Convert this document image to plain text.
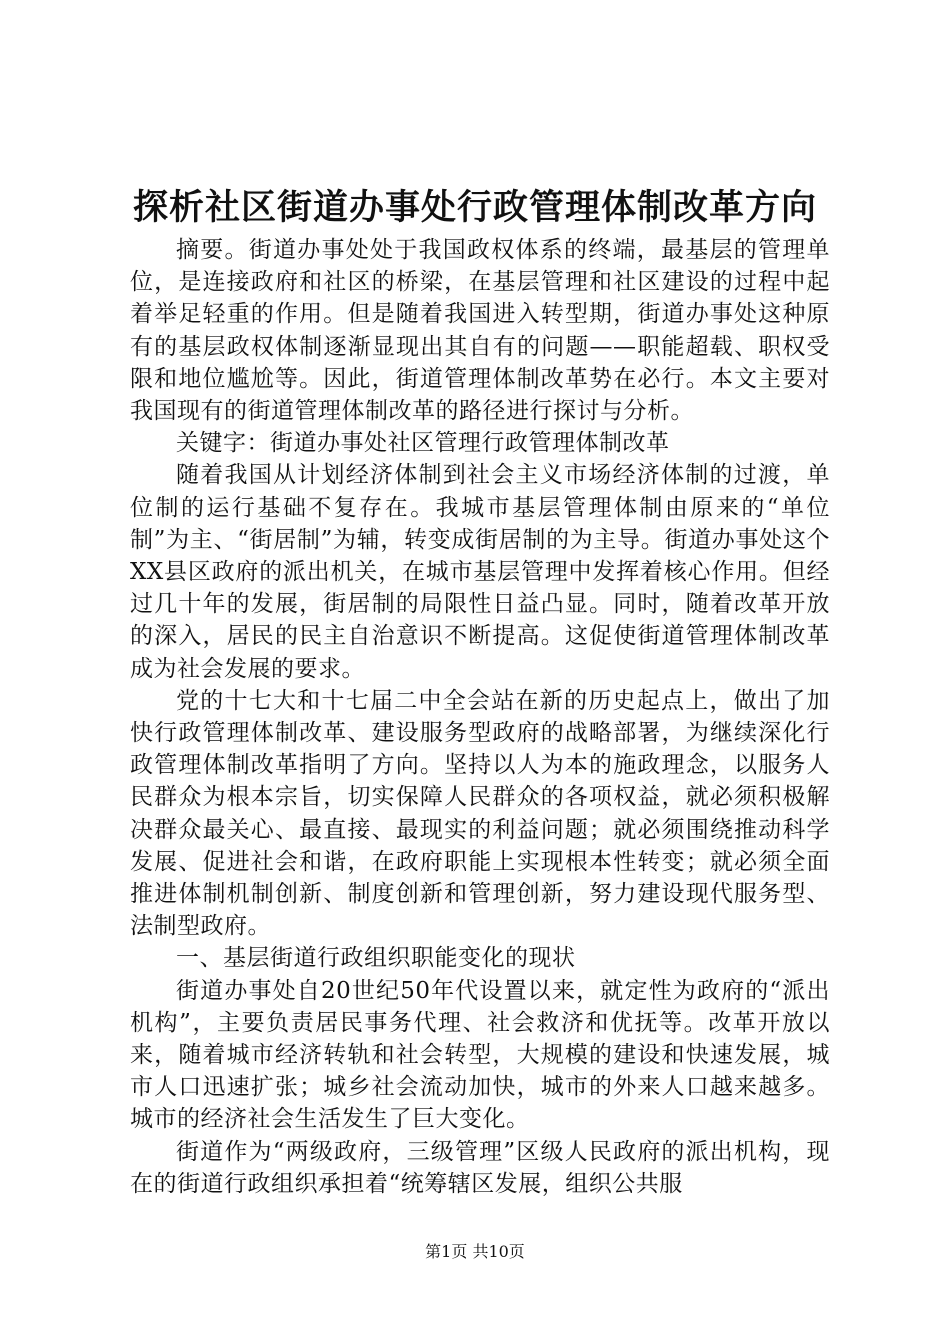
探析社区街道办事处行政管理体制改革方向

摘要。街道办事处处于我国政权体系的终端，最基层的管理单位，是连接政府和社区的桥梁，在基层管理和社区建设的过程中起着举足轻重的作用。但是随着我国进入转型期，街道办事处这种原有的基层政权体制逐渐显现出其自有的问题——职能超载、职权受限和地位尴尬等。因此，街道管理体制改革势在必行。本文主要对我国现有的街道管理体制改革的路径进行探讨与分析。

关键字：街道办事处社区管理行政管理体制改革

随着我国从计划经济体制到社会主义市场经济体制的过渡，单位制的运行基础不复存在。我城市基层管理体制由原来的“单位制”为主、“街居制”为辅，转变成街居制的为主导。街道办事处这个XX县区政府的派出机关，在城市基层管理中发挥着核心作用。但经过几十年的发展，街居制的局限性日益凸显。同时，随着改革开放的深入，居民的民主自治意识不断提高。这促使街道管理体制改革成为社会发展的要求。

党的十七大和十七届二中全会站在新的历史起点上，做出了加快行政管理体制改革、建设服务型政府的战略部署，为继续深化行政管理体制改革指明了方向。坚持以人为本的施政理念，以服务人民群众为根本宗旨，切实保障人民群众的各项权益，就必须积极解决群众最关心、最直接、最现实的利益问题；就必须围绕推动科学发展、促进社会和谐，在政府职能上实现根本性转变；就必须全面推进体制机制创新、制度创新和管理创新，努力建设现代服务型、法制型政府。

一、基层街道行政组织职能变化的现状

街道办事处自20世纪50年代设置以来，就定性为政府的“派出机构”，主要负责居民事务代理、社会救济和优抚等。改革开放以来，随着城市经济转轨和社会转型，大规模的建设和快速发展，城市人口迅速扩张；城乡社会流动加快，城市的外来人口越来越多。城市的经济社会生活发生了巨大变化。

街道作为“两级政府，三级管理”区级人民政府的派出机构，现在的街道行政组织承担着“统筹辖区发展，组织公共服

第1页 共10页
